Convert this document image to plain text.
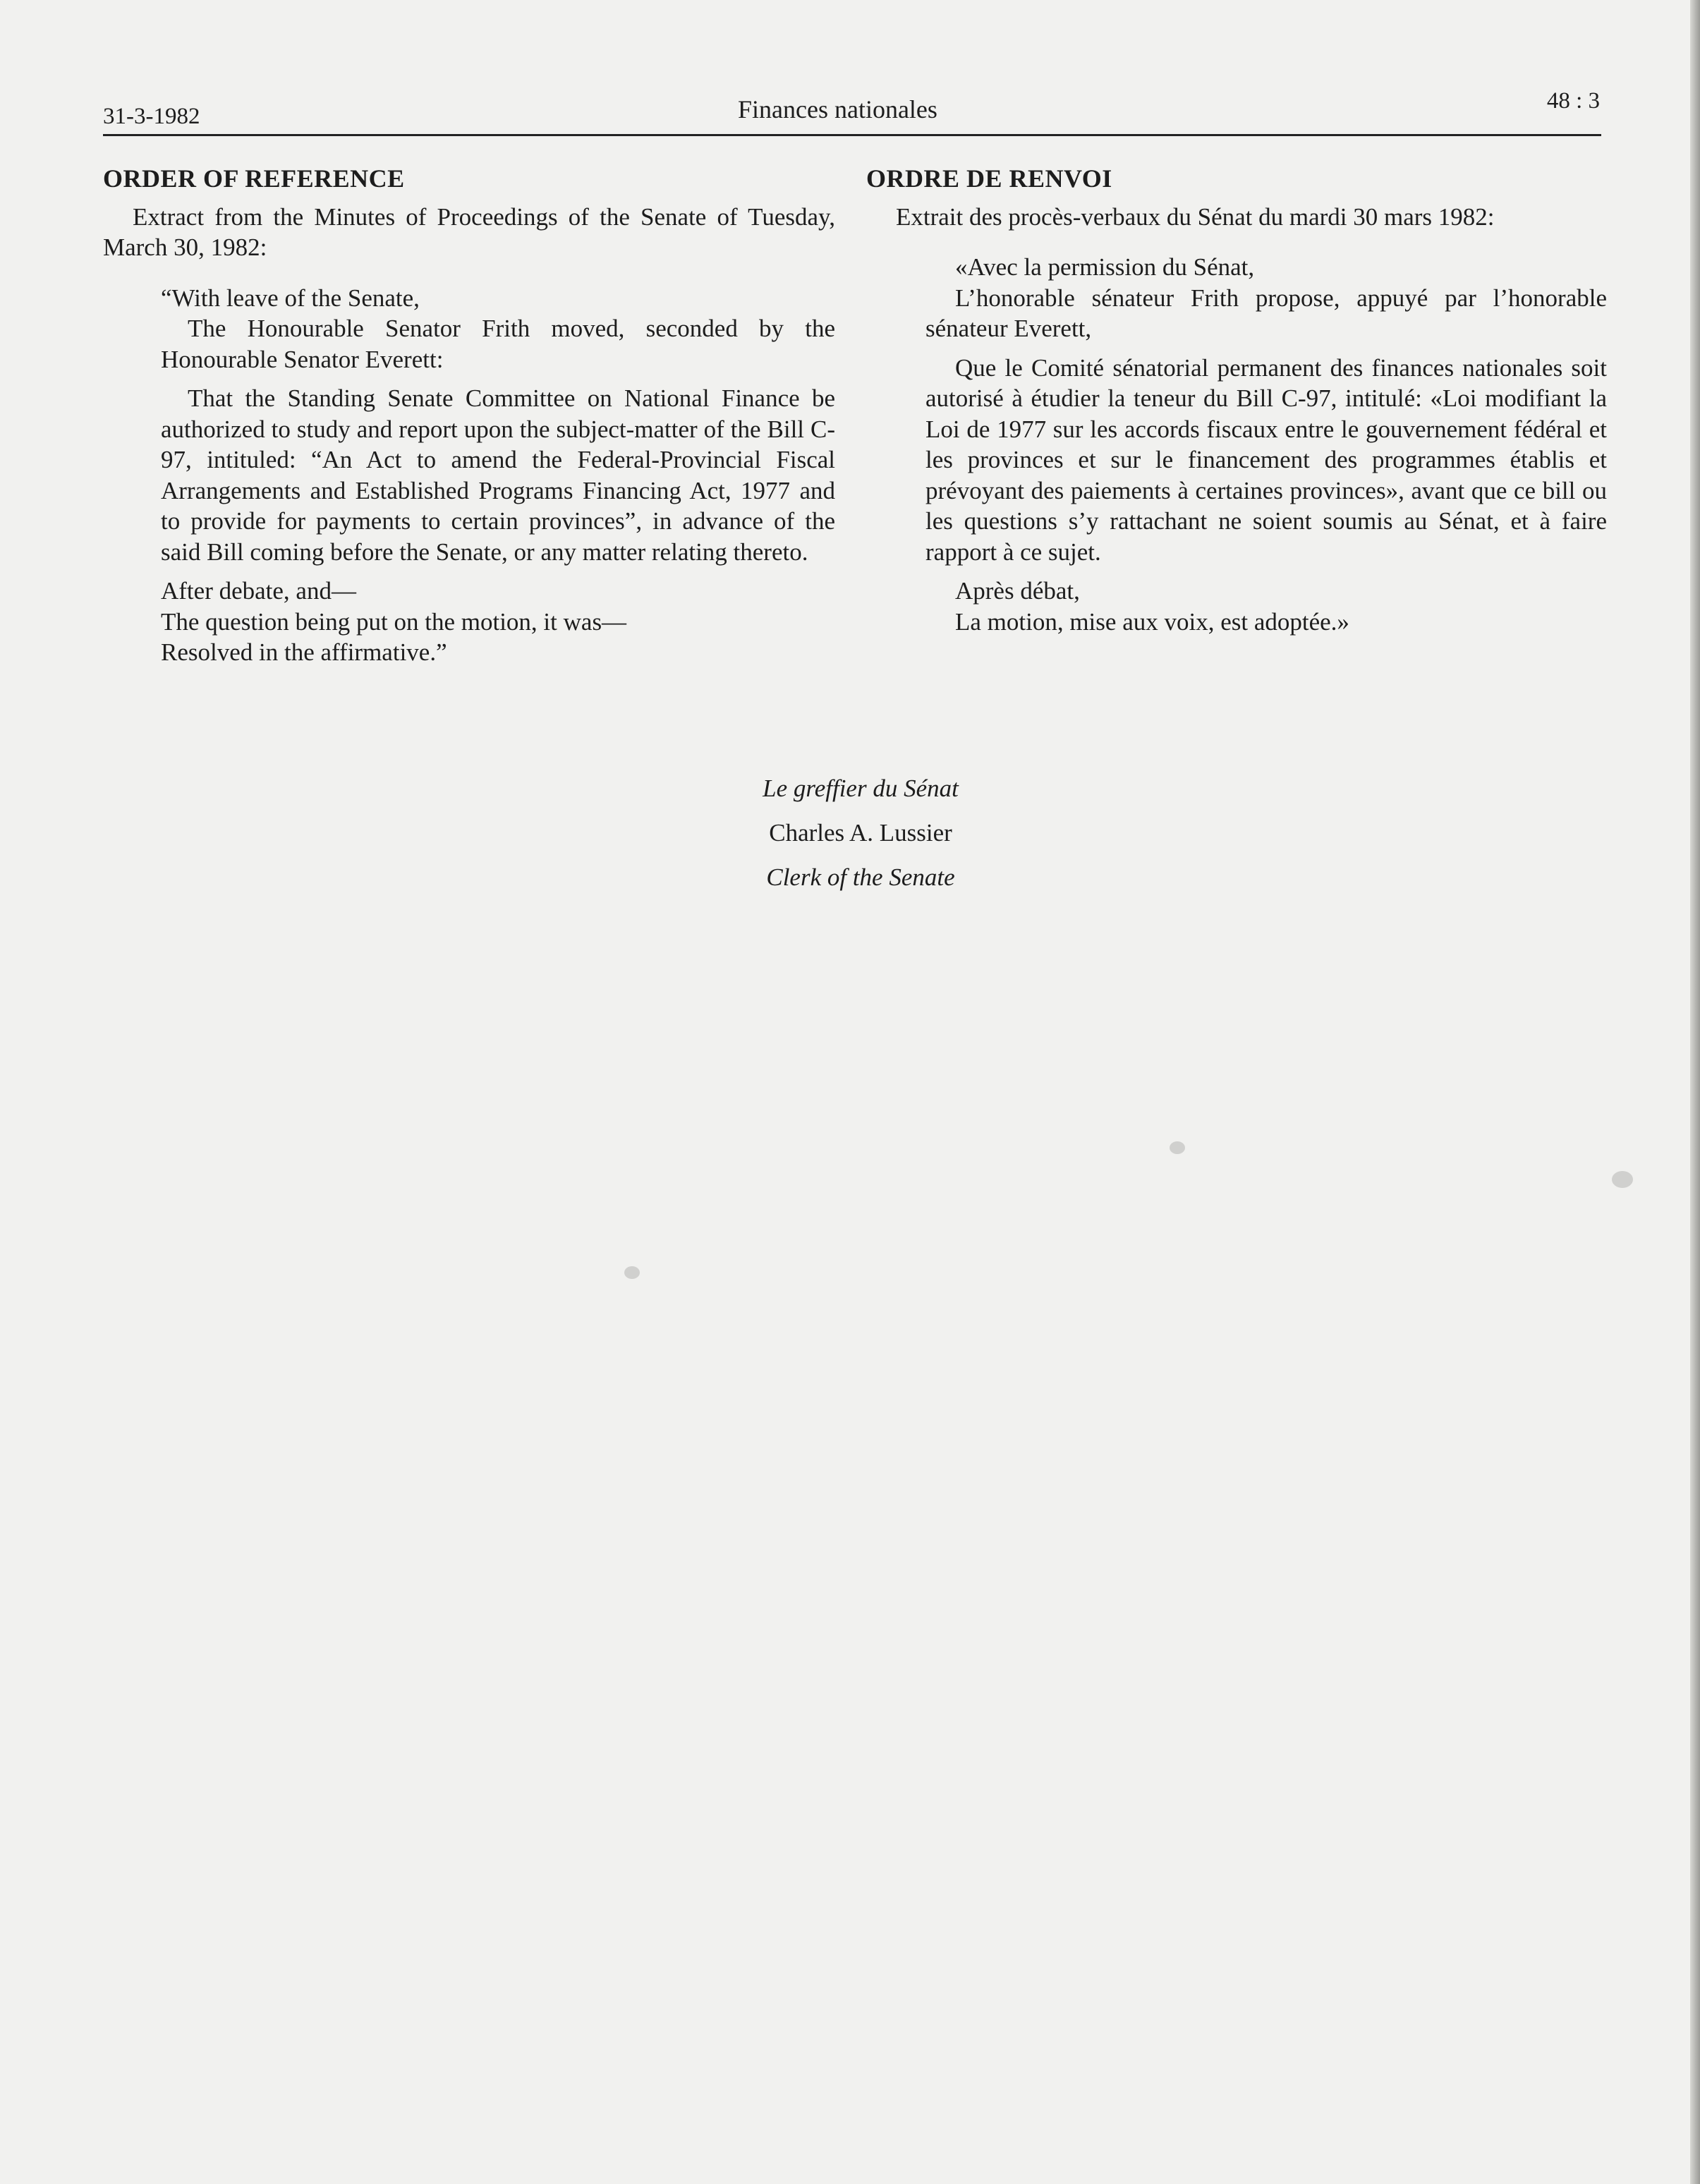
31-3-1982	Finances nationales	48 : 3
ORDER OF REFERENCE

Extract from the Minutes of Proceedings of the Senate of Tuesday, March 30, 1982:

“With leave of the Senate,

The Honourable Senator Frith moved, seconded by the Honourable Senator Everett:

That the Standing Senate Committee on National Finance be authorized to study and report upon the subject-matter of the Bill C-97, intituled: “An Act to amend the Federal-Provincial Fiscal Arrangements and Established Programs Financing Act, 1977 and to provide for payments to certain provinces”, in advance of the said Bill coming before the Senate, or any matter relating thereto.

After debate, and—

The question being put on the motion, it was—

Resolved in the affirmative.”

ORDRE DE RENVOI

Extrait des procès-verbaux du Sénat du mardi 30 mars 1982:

«Avec la permission du Sénat,

L’honorable sénateur Frith propose, appuyé par l’honorable sénateur Everett,

Que le Comité sénatorial permanent des finances nationales soit autorisé à étudier la teneur du Bill C-97, intitulé: «Loi modifiant la Loi de 1977 sur les accords fiscaux entre le gouvernement fédéral et les provinces et sur le financement des programmes établis et prévoyant des paiements à certaines provinces», avant que ce bill ou les questions s’y rattachant ne soient soumis au Sénat, et à faire rapport à ce sujet.

Après débat,

La motion, mise aux voix, est adoptée.»

Le greffier du Sénat
Charles A. Lussier
Clerk of the Senate
